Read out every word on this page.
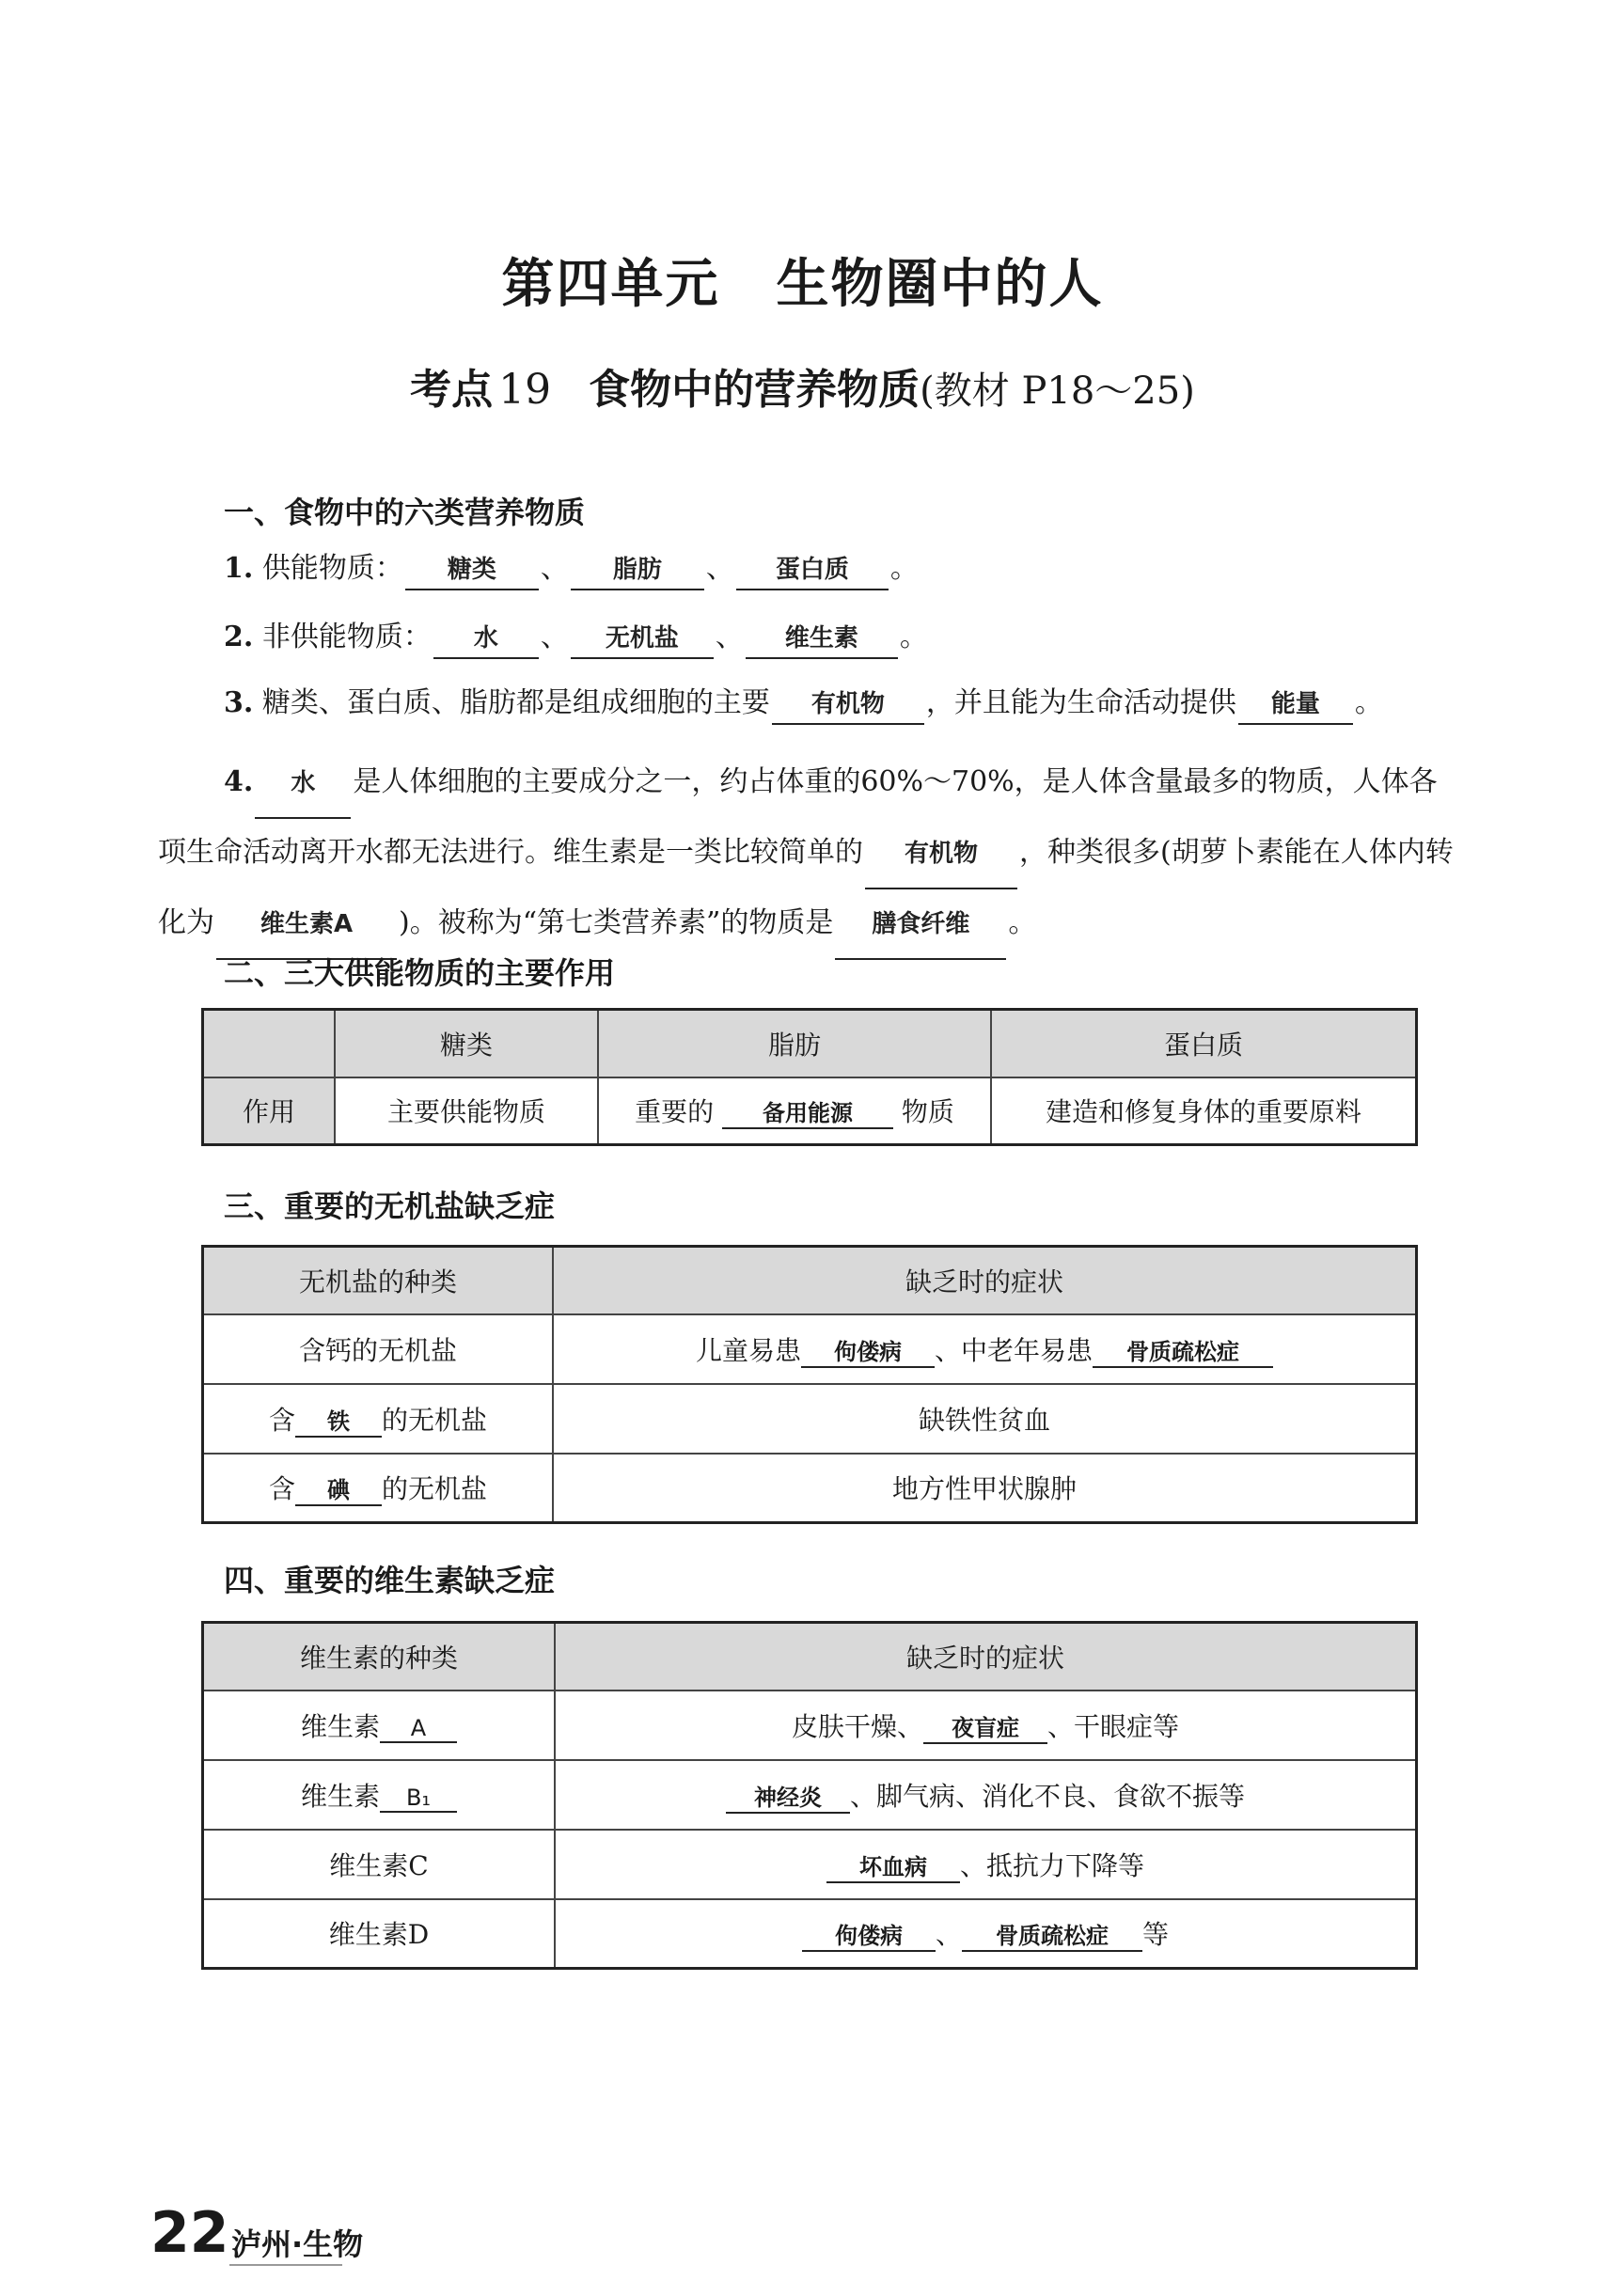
第四单元 生物圈中的人
考点 19 食物中的营养物质(教材 P18～25)
一、食物中的六类营养物质
1. 供能物质： 糖类 、 脂肪 、 蛋白质 。
2. 非供能物质： 水 、 无机盐 、 维生素 。
3. 糖类、蛋白质、脂肪都是组成细胞的主要 有机物 ，并且能为生命活动提供 能量 。
4. 水 是人体细胞的主要成分之一，约占体重的60%～70%，是人体含量最多的物质，人体各项生命活动离开水都无法进行。维生素是一类比较简单的 有机物 ，种类很多(胡萝卜素能在人体内转化为 维生素A )。被称为“第七类营养素”的物质是 膳食纤维 。
二、三大供能物质的主要作用
	糖类	脂肪	蛋白质
作用	主要供能物质	重要的 备用能源 物质	建造和修复身体的重要原料
三、重要的无机盐缺乏症
无机盐的种类	缺乏时的症状
含钙的无机盐	儿童易患 佝偻病 、中老年易患 骨质疏松症
含 铁 的无机盐	缺铁性贫血
含 碘 的无机盐	地方性甲状腺肿
四、重要的维生素缺乏症
维生素的种类	缺乏时的症状
维生素 A	皮肤干燥、 夜盲症 、干眼症等
维生素 B₁	神经炎 、脚气病、消化不良、食欲不振等
维生素C	坏血病 、抵抗力下降等
维生素D	佝偻病 、 骨质疏松症 等
22 泸州·生物
